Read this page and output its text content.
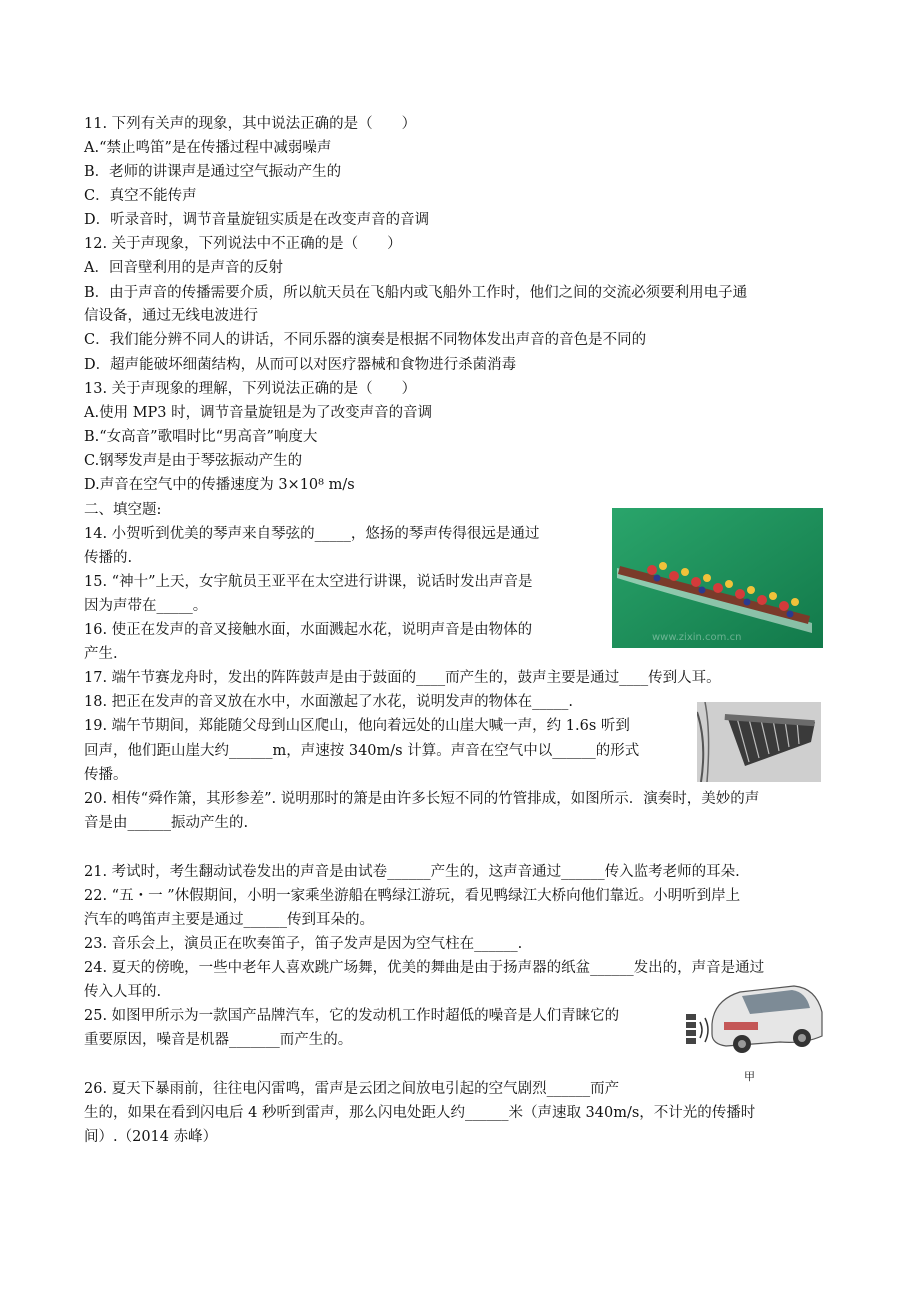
11. 下列有关声的现象，其中说法正确的是（　　）
A.“禁止鸣笛”是在传播过程中减弱噪声
B．老师的讲课声是通过空气振动产生的
C．真空不能传声
D．听录音时，调节音量旋钮实质是在改变声音的音调
12. 关于声现象，下列说法中不正确的是（　　）
A．回音壁利用的是声音的反射
B．由于声音的传播需要介质，所以航天员在飞船内或飞船外工作时，他们之间的交流必须要利用电子通
信设备，通过无线电波进行
C．我们能分辨不同人的讲话，不同乐器的演奏是根据不同物体发出声音的音色是不同的
D．超声能破坏细菌结构，从而可以对医疗器械和食物进行杀菌消毒
13. 关于声现象的理解，下列说法正确的是（　　）
A.使用 MP3 时，调节音量旋钮是为了改变声音的音调
B.“女高音”歌唱时比“男高音”响度大
C.钢琴发声是由于琴弦振动产生的
D.声音在空气中的传播速度为 3×10⁸ m/s
二、填空题:
14. 小贺听到优美的琴声来自琴弦的_____，悠扬的琴声传得很远是通过
传播的.
15. “神十”上天，女宇航员王亚平在太空进行讲课，说话时发出声音是
因为声带在_____。
16. 使正在发声的音叉接触水面，水面溅起水花，说明声音是由物体的
产生.
17. 端午节赛龙舟时，发出的阵阵鼓声是由于鼓面的____而产生的，鼓声主要是通过____传到人耳。
18. 把正在发声的音叉放在水中，水面激起了水花，说明发声的物体在_____.
19. 端午节期间，郑能随父母到山区爬山，他向着远处的山崖大喊一声，约 1.6s 听到
回声，他们距山崖大约______m，声速按 340m/s 计算。声音在空气中以______的形式
传播。
20. 相传“舜作箫，其形参差”. 说明那时的箫是由许多长短不同的竹管排成，如图所示．演奏时，美妙的声
音是由______振动产生的.
21. 考试时，考生翻动试卷发出的声音是由试卷______产生的，这声音通过______传入监考老师的耳朵.
22. “五・一 ”休假期间，小明一家乘坐游船在鸭绿江游玩，看见鸭绿江大桥向他们靠近。小明听到岸上
汽车的鸣笛声主要是通过______传到耳朵的。
23. 音乐会上，演员正在吹奏笛子，笛子发声是因为空气柱在______.
24. 夏天的傍晚，一些中老年人喜欢跳广场舞，优美的舞曲是由于扬声器的纸盆______发出的，声音是通过
传入人耳的.
25. 如图甲所示为一款国产品牌汽车，它的发动机工作时超低的噪音是人们青睐它的
重要原因，噪音是机器_______而产生的。
26. 夏天下暴雨前，往往电闪雷鸣，雷声是云团之间放电引起的空气剧烈______而产
生的，如果在看到闪电后 4 秒听到雷声，那么闪电处距人约______米（声速取 340m/s，不计光的传播时
间）.（2014 赤峰）
www.zixin.com.cn
甲
